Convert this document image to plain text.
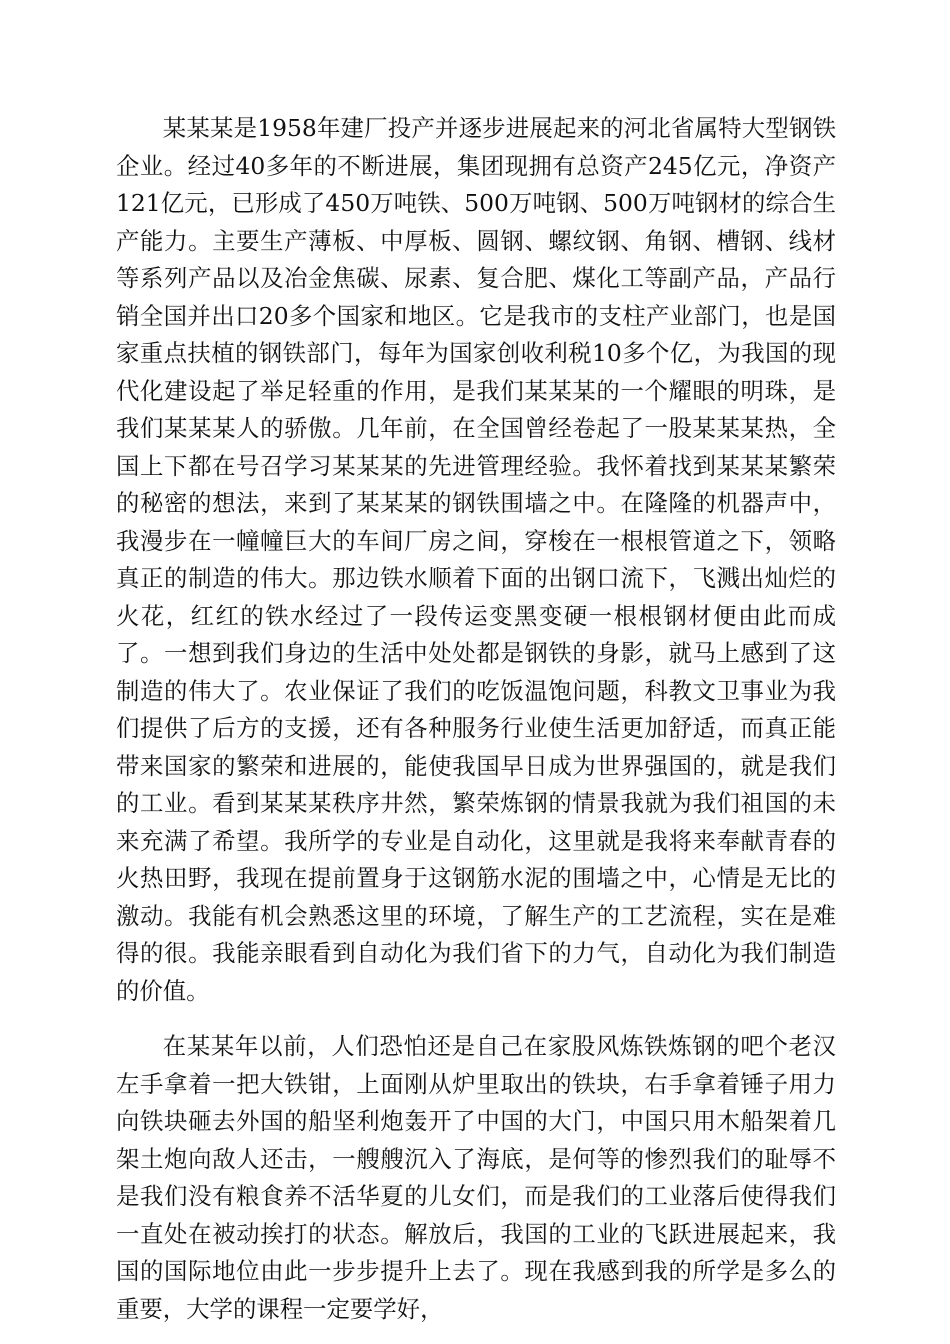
某某某是1958年建厂投产并逐步进展起来的河北省属特大型钢铁企业。经过40多年的不断进展，集团现拥有总资产245亿元，净资产121亿元，已形成了450万吨铁、500万吨钢、500万吨钢材的综合生产能力。主要生产薄板、中厚板、圆钢、螺纹钢、角钢、槽钢、线材等系列产品以及冶金焦碳、尿素、复合肥、煤化工等副产品，产品行销全国并出口20多个国家和地区。它是我市的支柱产业部门，也是国家重点扶植的钢铁部门，每年为国家创收利税10多个亿，为我国的现代化建设起了举足轻重的作用，是我们某某某的一个耀眼的明珠，是我们某某某人的骄傲。几年前，在全国曾经卷起了一股某某某热，全国上下都在号召学习某某某的先进管理经验。我怀着找到某某某繁荣的秘密的想法，来到了某某某的钢铁围墙之中。在隆隆的机器声中，我漫步在一幢幢巨大的车间厂房之间，穿梭在一根根管道之下，领略真正的制造的伟大。那边铁水顺着下面的出钢口流下，飞溅出灿烂的火花，红红的铁水经过了一段传运变黑变硬一根根钢材便由此而成了。一想到我们身边的生活中处处都是钢铁的身影，就马上感到了这制造的伟大了。农业保证了我们的吃饭温饱问题，科教文卫事业为我们提供了后方的支援，还有各种服务行业使生活更加舒适，而真正能带来国家的繁荣和进展的，能使我国早日成为世界强国的，就是我们的工业。看到某某某秩序井然，繁荣炼钢的情景我就为我们祖国的未来充满了希望。我所学的专业是自动化，这里就是我将来奉献青春的火热田野，我现在提前置身于这钢筋水泥的围墙之中，心情是无比的激动。我能有机会熟悉这里的环境，了解生产的工艺流程，实在是难得的很。我能亲眼看到自动化为我们省下的力气，自动化为我们制造的价值。

在某某年以前，人们恐怕还是自己在家股风炼铁炼钢的吧个老汉左手拿着一把大铁钳，上面刚从炉里取出的铁块，右手拿着锤子用力向铁块砸去外国的船坚利炮轰开了中国的大门，中国只用木船架着几架土炮向敌人还击，一艘艘沉入了海底，是何等的惨烈我们的耻辱不是我们没有粮食养不活华夏的儿女们，而是我们的工业落后使得我们一直处在被动挨打的状态。解放后，我国的工业的飞跃进展起来，我国的国际地位由此一步步提升上去了。现在我感到我的所学是多么的重要，大学的课程一定要学好，
